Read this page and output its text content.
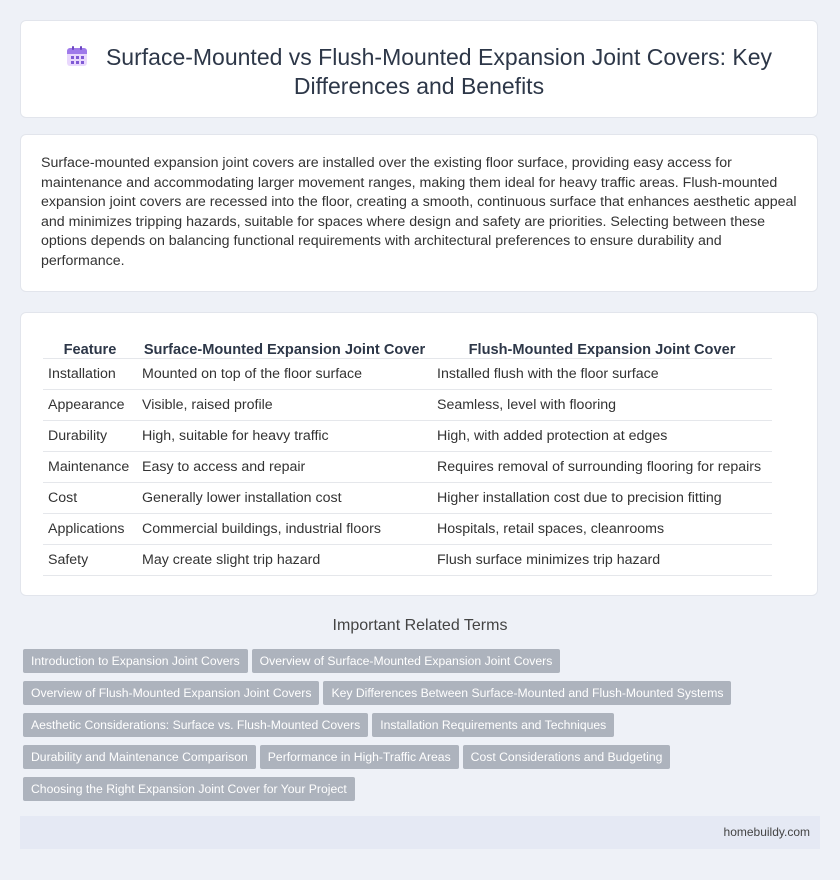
Surface-Mounted vs Flush-Mounted Expansion Joint Covers: Key Differences and Benefits

Surface-mounted expansion joint covers are installed over the existing floor surface, providing easy access for maintenance and accommodating larger movement ranges, making them ideal for heavy traffic areas. Flush-mounted expansion joint covers are recessed into the floor, creating a smooth, continuous surface that enhances aesthetic appeal and minimizes tripping hazards, suitable for spaces where design and safety are priorities. Selecting between these options depends on balancing functional requirements with architectural preferences to ensure durability and performance.

Feature	Surface-Mounted Expansion Joint Cover	Flush-Mounted Expansion Joint Cover
Installation	Mounted on top of the floor surface	Installed flush with the floor surface
Appearance	Visible, raised profile	Seamless, level with flooring
Durability	High, suitable for heavy traffic	High, with added protection at edges
Maintenance	Easy to access and repair	Requires removal of surrounding flooring for repairs
Cost	Generally lower installation cost	Higher installation cost due to precision fitting
Applications	Commercial buildings, industrial floors	Hospitals, retail spaces, cleanrooms
Safety	May create slight trip hazard	Flush surface minimizes trip hazard
Important Related Terms
Introduction to Expansion Joint Covers Overview of Surface-Mounted Expansion Joint Covers
Overview of Flush-Mounted Expansion Joint Covers Key Differences Between Surface-Mounted and Flush-Mounted Systems
Aesthetic Considerations: Surface vs. Flush-Mounted Covers Installation Requirements and Techniques
Durability and Maintenance Comparison Performance in High-Traffic Areas Cost Considerations and Budgeting
Choosing the Right Expansion Joint Cover for Your Project
homebuildy.com
